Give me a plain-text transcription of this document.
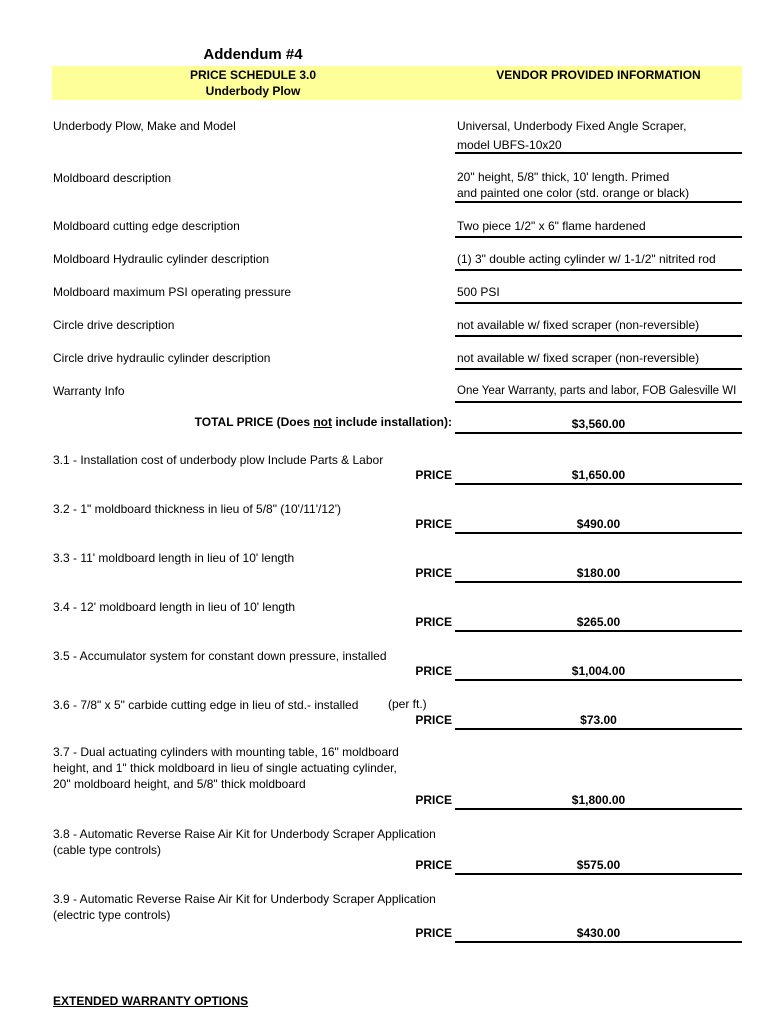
Addendum #4
PRICE SCHEDULE 3.0
Underbody Plow
VENDOR PROVIDED INFORMATION
Underbody Plow, Make and Model	Universal, Underbody Fixed Angle Scraper,
model UBFS-10x20
Moldboard description	20" height, 5/8" thick, 10' length. Primed
and painted one color (std. orange or black)
Moldboard cutting edge description	Two piece 1/2" x 6" flame hardened
Moldboard Hydraulic cylinder description	(1) 3" double acting cylinder w/ 1-1/2" nitrited rod
Moldboard maximum PSI operating pressure	500 PSI
Circle drive description	not available w/ fixed scraper (non-reversible)
Circle drive hydraulic cylinder description	not available w/ fixed scraper (non-reversible)
Warranty Info	One Year Warranty, parts and labor, FOB Galesville WI
TOTAL PRICE (Does not include installation):	$3,560.00
3.1 - Installation cost of underbody plow Include Parts & Labor
PRICE	$1,650.00
3.2 - 1" moldboard thickness in lieu of 5/8" (10'/11'/12')
PRICE	$490.00
3.3 - 11' moldboard length in lieu of 10' length
PRICE	$180.00
3.4 - 12' moldboard length in lieu of 10' length
PRICE	$265.00
3.5 - Accumulator system for constant down pressure, installed
PRICE	$1,004.00
3.6 - 7/8" x 5" carbide cutting edge in lieu of std.- installed	(per ft.)
PRICE	$73.00
3.7 - Dual actuating cylinders with mounting table, 16" moldboard
height, and 1" thick moldboard in lieu of single actuating cylinder,
20" moldboard height, and 5/8" thick moldboard
PRICE	$1,800.00
3.8 - Automatic Reverse Raise Air Kit for Underbody Scraper Application
(cable type controls)
PRICE	$575.00
3.9 - Automatic Reverse Raise Air Kit for Underbody Scraper Application
(electric type controls)
PRICE	$430.00
EXTENDED WARRANTY OPTIONS
